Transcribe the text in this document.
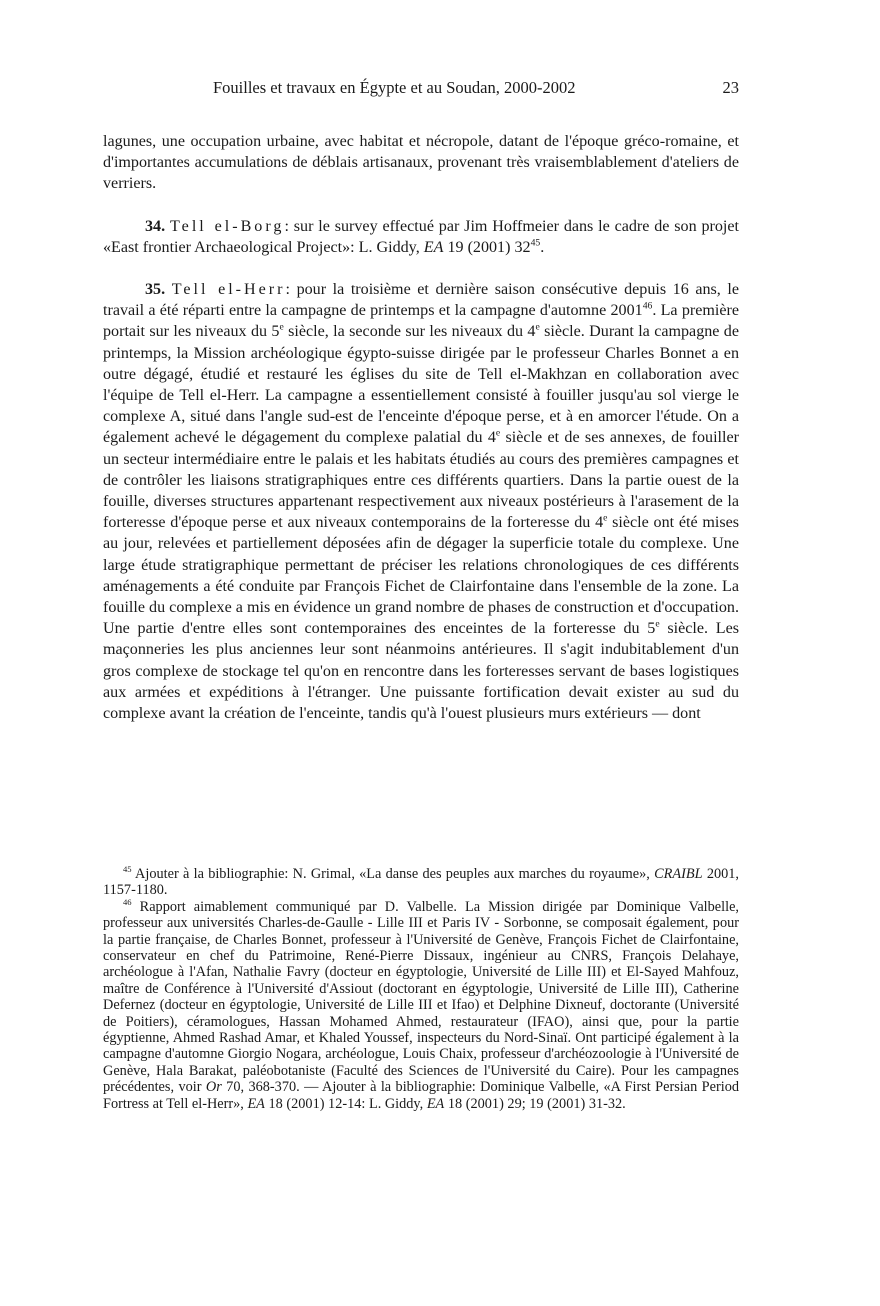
Fouilles et travaux en Égypte et au Soudan, 2000-2002	23

lagunes, une occupation urbaine, avec habitat et nécropole, datant de l'époque gréco-romaine, et d'importantes accumulations de déblais artisanaux, provenant très vraisemblablement d'ateliers de verriers.

34. Tell el-Borg: sur le survey effectué par Jim Hoffmeier dans le cadre de son projet «East frontier Archaeological Project»: L. Giddy, EA 19 (2001) $32^{45}$.

35. Tell el-Herr: pour la troisième et dernière saison consécutive depuis 16 ans, le travail a été réparti entre la campagne de printemps et la campagne d'automne 2001$^{46}$. La première portait sur les niveaux du 5e siècle, la seconde sur les niveaux du 4e siècle. Durant la campagne de printemps, la Mission archéologique égypto-suisse dirigée par le professeur Charles Bonnet a en outre dégagé, étudié et restauré les églises du site de Tell el-Makhzan en collaboration avec l'équipe de Tell el-Herr. La campagne a essentiellement consisté à fouiller jusqu'au sol vierge le complexe A, situé dans l'angle sud-est de l'enceinte d'époque perse, et à en amorcer l'étude. On a également achevé le dégagement du complexe palatial du 4e siècle et de ses annexes, de fouiller un secteur intermédiaire entre le palais et les habitats étudiés au cours des premières campagnes et de contrôler les liaisons stratigraphiques entre ces différents quartiers. Dans la partie ouest de la fouille, diverses structures appartenant respectivement aux niveaux postérieurs à l'arasement de la forteresse d'époque perse et aux niveaux contemporains de la forteresse du 4e siècle ont été mises au jour, relevées et partiellement déposées afin de dégager la superficie totale du complexe. Une large étude stratigraphique permettant de préciser les relations chronologiques de ces différents aménagements a été conduite par François Fichet de Clairfontaine dans l'ensemble de la zone. La fouille du complexe a mis en évidence un grand nombre de phases de construction et d'occupation. Une partie d'entre elles sont contemporaines des enceintes de la forteresse du 5e siècle. Les maçonneries les plus anciennes leur sont néanmoins antérieures. Il s'agit indubitablement d'un gros complexe de stockage tel qu'on en rencontre dans les forteresses servant de bases logistiques aux armées et expéditions à l'étranger. Une puissante fortification devait exister au sud du complexe avant la création de l'enceinte, tandis qu'à l'ouest plusieurs murs extérieurs — dont

$^{45}$ Ajouter à la bibliographie: N. Grimal, «La danse des peuples aux marches du royaume», CRAIBL 2001, 1157-1180.

$^{46}$ Rapport aimablement communiqué par D. Valbelle. La Mission dirigée par Dominique Valbelle, professeur aux universités Charles-de-Gaulle - Lille III et Paris IV - Sorbonne, se composait également, pour la partie française, de Charles Bonnet, professeur à l'Université de Genève, François Fichet de Clairfontaine, conservateur en chef du Patrimoine, René-Pierre Dissaux, ingénieur au CNRS, François Delahaye, archéologue à l'Afan, Nathalie Favry (docteur en égyptologie, Université de Lille III) et El-Sayed Mahfouz, maître de Conférence à l'Université d'Assiout (doctorant en égyptologie, Université de Lille III), Catherine Defernez (docteur en égyptologie, Université de Lille III et Ifao) et Delphine Dixneuf, doctorante (Université de Poitiers), céramologues, Hassan Mohamed Ahmed, restaurateur (IFAO), ainsi que, pour la partie égyptienne, Ahmed Rashad Amar, et Khaled Youssef, inspecteurs du Nord-Sinaï. Ont participé également à la campagne d'automne Giorgio Nogara, archéologue, Louis Chaix, professeur d'archéozoologie à l'Université de Genève, Hala Barakat, paléobotaniste (Faculté des Sciences de l'Université du Caire). Pour les campagnes précédentes, voir Or 70, 368-370. — Ajouter à la bibliographie: Dominique Valbelle, «A First Persian Period Fortress at Tell el-Herr», EA 18 (2001) 12-14: L. Giddy, EA 18 (2001) 29; 19 (2001) 31-32.
